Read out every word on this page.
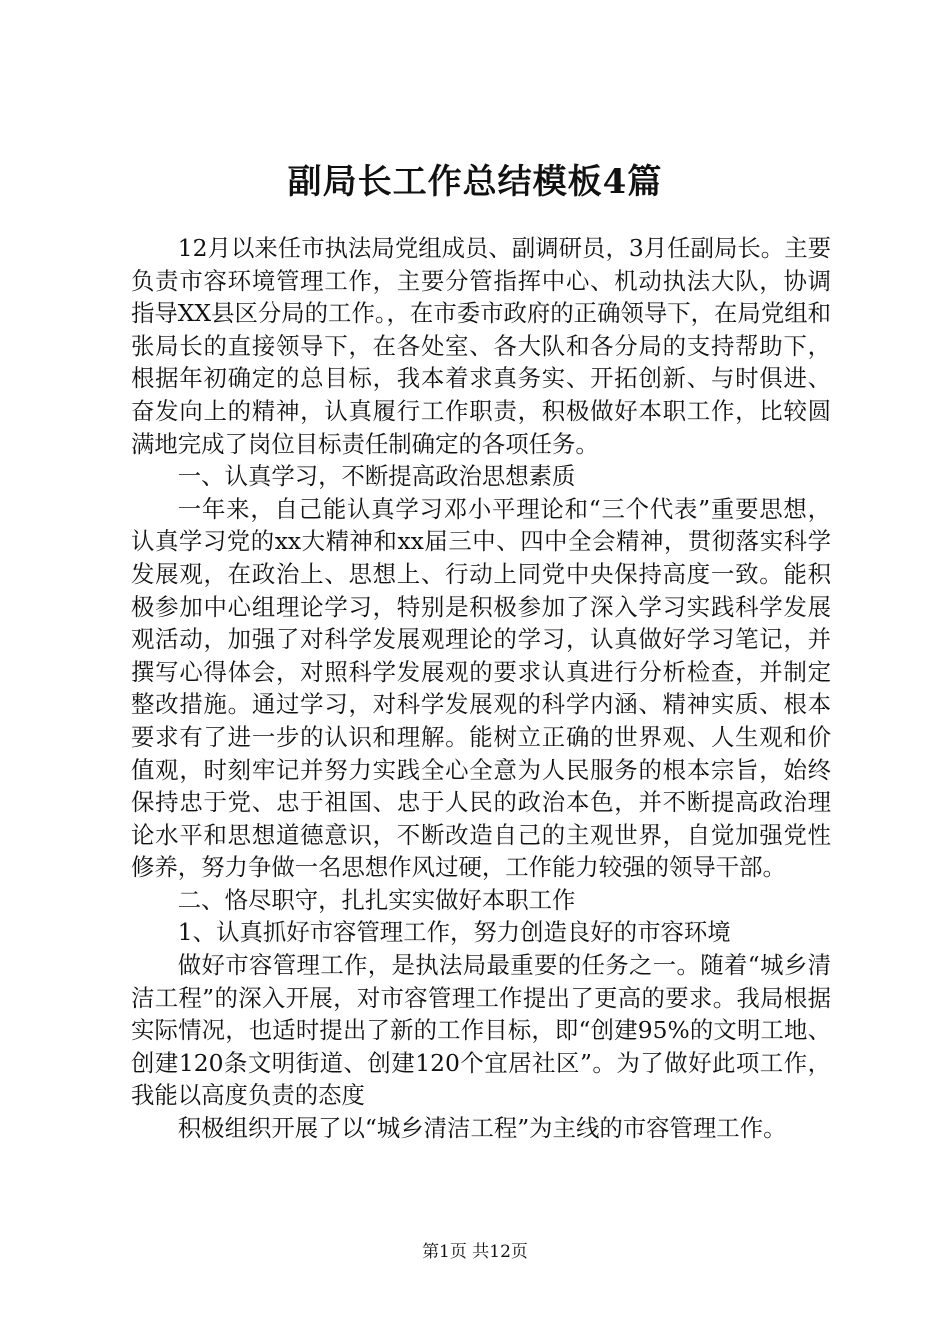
副局长工作总结模板4篇

12月以来任市执法局党组成员、副调研员，3月任副局长。主要负责市容环境管理工作，主要分管指挥中心、机动执法大队，协调指导XX县区分局的工作。，在市委市政府的正确领导下，在局党组和张局长的直接领导下，在各处室、各大队和各分局的支持帮助下，根据年初确定的总目标，我本着求真务实、开拓创新、与时俱进、奋发向上的精神，认真履行工作职责，积极做好本职工作，比较圆满地完成了岗位目标责任制确定的各项任务。

一、认真学习，不断提高政治思想素质

一年来，自己能认真学习邓小平理论和“三个代表”重要思想，认真学习党的xx大精神和xx届三中、四中全会精神，贯彻落实科学发展观，在政治上、思想上、行动上同党中央保持高度一致。能积极参加中心组理论学习，特别是积极参加了深入学习实践科学发展观活动，加强了对科学发展观理论的学习，认真做好学习笔记，并撰写心得体会，对照科学发展观的要求认真进行分析检查，并制定整改措施。通过学习，对科学发展观的科学内涵、精神实质、根本要求有了进一步的认识和理解。能树立正确的世界观、人生观和价值观，时刻牢记并努力实践全心全意为人民服务的根本宗旨，始终保持忠于党、忠于祖国、忠于人民的政治本色，并不断提高政治理论水平和思想道德意识，不断改造自己的主观世界，自觉加强党性修养，努力争做一名思想作风过硬，工作能力较强的领导干部。

二、恪尽职守，扎扎实实做好本职工作

1、认真抓好市容管理工作，努力创造良好的市容环境

做好市容管理工作，是执法局最重要的任务之一。随着“城乡清洁工程”的深入开展，对市容管理工作提出了更高的要求。我局根据实际情况，也适时提出了新的工作目标，即“创建95%的文明工地、创建120条文明街道、创建120个宜居社区”。为了做好此项工作，我能以高度负责的态度

积极组织开展了以“城乡清洁工程”为主线的市容管理工作。

第1页 共12页
